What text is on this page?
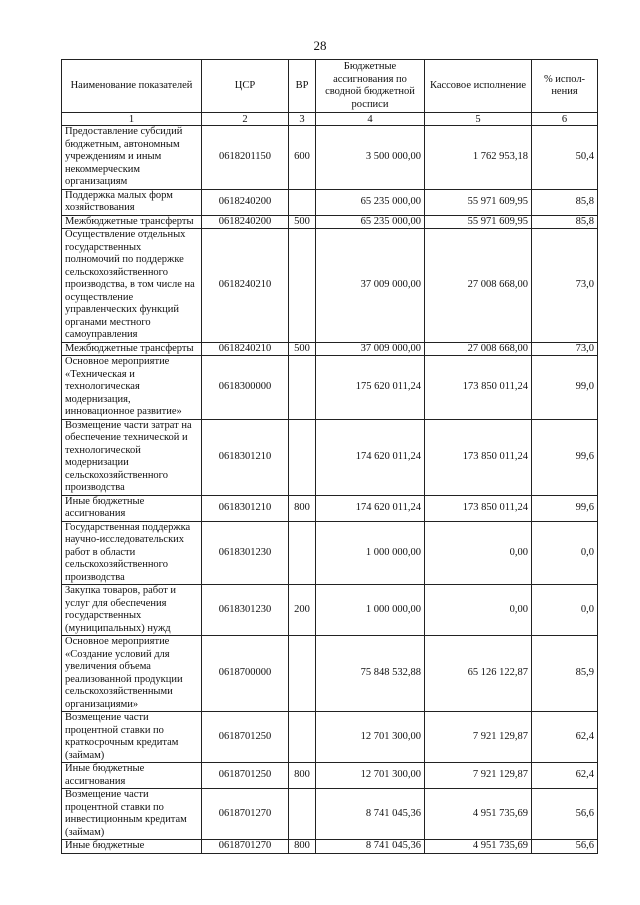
28
Наименование показателей	ЦСР	ВР	Бюджетные ассигнования по сводной бюджетной росписи	Кассовое исполнение	% испол-нения
1	2	3	4	5	6
Предоставление субсидий бюджетным, автономным учреждениям и иным некоммерческим организациям	0618201150	600	3 500 000,00	1 762 953,18	50,4
Поддержка малых форм хозяйствования	0618240200		65 235 000,00	55 971 609,95	85,8
Межбюджетные трансферты	0618240200	500	65 235 000,00	55 971 609,95	85,8
Осуществление отдельных государственных полномочий по поддержке сельскохозяйственного производства, в том числе на осуществление управленческих функций органами местного самоуправления	0618240210		37 009 000,00	27 008 668,00	73,0
Межбюджетные трансферты	0618240210	500	37 009 000,00	27 008 668,00	73,0
Основное мероприятие «Техническая и технологическая модернизация, инновационное развитие»	0618300000		175 620 011,24	173 850 011,24	99,0
Возмещение части затрат на обеспечение технической и технологической модернизации сельскохозяйственного производства	0618301210		174 620 011,24	173 850 011,24	99,6
Иные бюджетные ассигнования	0618301210	800	174 620 011,24	173 850 011,24	99,6
Государственная поддержка научно-исследовательских работ в области сельскохозяйственного производства	0618301230		1 000 000,00	0,00	0,0
Закупка товаров, работ и услуг для обеспечения государственных (муниципальных) нужд	0618301230	200	1 000 000,00	0,00	0,0
Основное мероприятие «Создание условий для увеличения объема реализованной продукции сельскохозяйственными организациями»	0618700000		75 848 532,88	65 126 122,87	85,9
Возмещение части процентной ставки по краткосрочным кредитам (займам)	0618701250		12 701 300,00	7 921 129,87	62,4
Иные бюджетные ассигнования	0618701250	800	12 701 300,00	7 921 129,87	62,4
Возмещение части процентной ставки по инвестиционным кредитам (займам)	0618701270		8 741 045,36	4 951 735,69	56,6
Иные бюджетные	0618701270	800	8 741 045,36	4 951 735,69	56,6
